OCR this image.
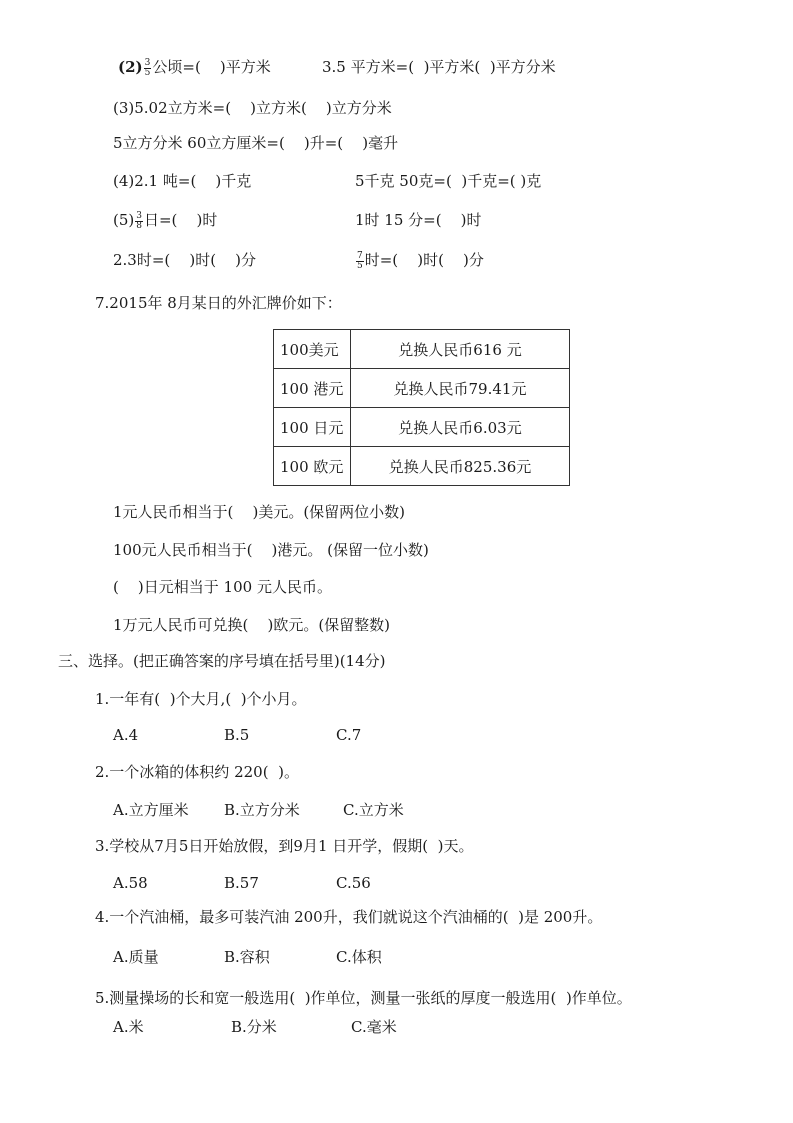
$(2) \frac{3}{5}$ 公顷=(    )平方米	3.5 平方米=(  )平方米(  )平方分米
(3)5.02立方米=(    )立方米(    )立方分米
5立方分米 60立方厘米=(    )升=(    )毫升
(4)2.1 吨=(    )千克	5千克 50克=(  )千克=( )克
$(5) \frac{3}{8}$ 日=(    )时	1时 15 分=(    )时
2.3时=(    )时(    )分	$\frac{7}{5}$ 时=(    )时(    )分
7.2015年 8月某日的外汇牌价如下：
100美元	兑换人民币616 元
100 港元	兑换人民币79.41元
100 日元	兑换人民币6.03元
100 欧元	兑换人民币825.36元
1元人民币相当于(    )美元。(保留两位小数)
100元人民币相当于(    )港元。 (保留一位小数)
(    )日元相当于 100 元人民币。
1万元人民币可兑换(    )欧元。(保留整数)
三、选择。(把正确答案的序号填在括号里)(14分)
1.一年有(  )个大月,(  )个小月。
A.4	B.5	C.7
2.一个冰箱的体积约 220(  )。
A.立方厘米 B.立方分米	C.立方米
3.学校从7月5日开始放假，到9月1 日开学，假期(  )天。
A.58	B.57	C.56
4.一个汽油桶，最多可装汽油 200升，我们就说这个汽油桶的(  )是 200升。
A.质量	B.容积	C.体积
5.测量操场的长和宽一般选用(  )作单位，测量一张纸的厚度一般选用(  )作单位。
A.米	B.分米	C.毫米
